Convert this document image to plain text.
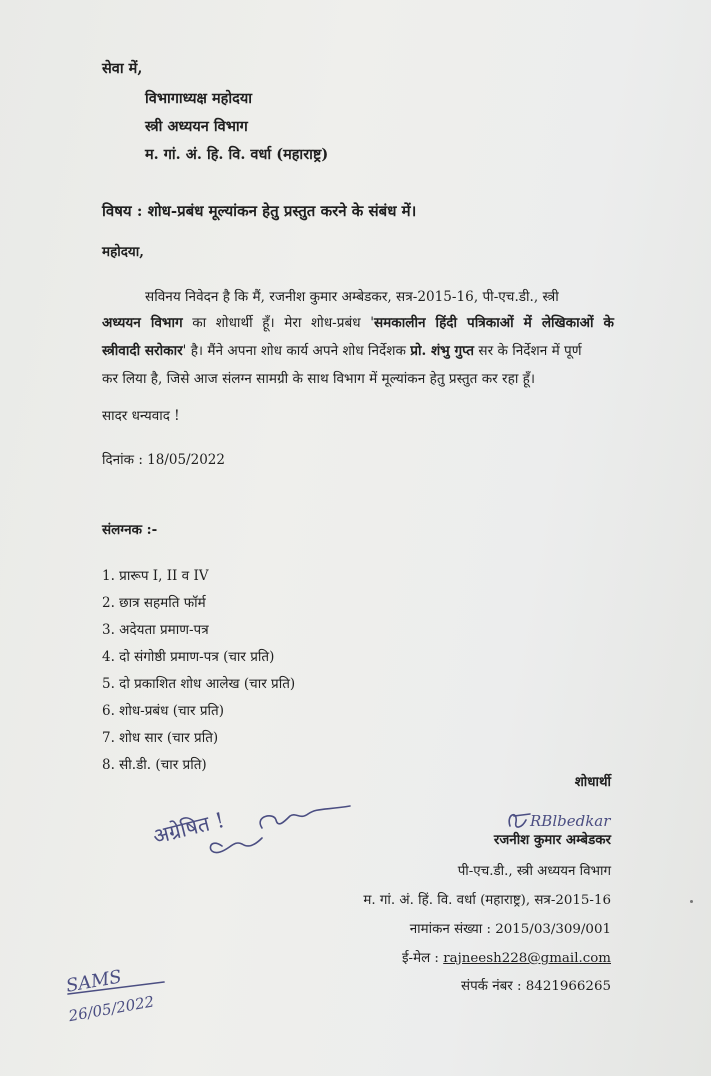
सेवा में,
विभागाध्यक्ष महोदया
स्त्री अध्ययन विभाग
म. गां. अं. हि. वि. वर्धा (महाराष्ट्र)
विषय : शोध-प्रबंध मूल्यांकन हेतु प्रस्तुत करने के संबंध में।
महोदया,
सविनय निवेदन है कि मैं, रजनीश कुमार अम्बेडकर, सत्र-2015-16, पी-एच.डी., स्त्री
अध्ययन विभाग का शोधार्थी हूँ। मेरा शोध-प्रबंध 'समकालीन हिंदी पत्रिकाओं में लेखिकाओं के
स्त्रीवादी सरोकार' है। मैंने अपना शोध कार्य अपने शोध निर्देशक प्रो. शंभु गुप्त सर के निर्देशन में पूर्ण
कर लिया है, जिसे आज संलग्न सामग्री के साथ विभाग में मूल्यांकन हेतु प्रस्तुत कर रहा हूँ।
सादर धन्यवाद !
दिनांक : 18/05/2022
संलग्नक :-
1. प्रारूप I, II व IV
2. छात्र सहमति फॉर्म
3. अदेयता प्रमाण-पत्र
4. दो संगोष्ठी प्रमाण-पत्र (चार प्रति)
5. दो प्रकाशित शोध आलेख (चार प्रति)
6. शोध-प्रबंध (चार प्रति)
7. शोध सार (चार प्रति)
8. सी.डी. (चार प्रति)
शोधार्थी
RBlbedkar
रजनीश कुमार अम्बेडकर
पी-एच.डी., स्त्री अध्ययन विभाग
म. गां. अं. हिं. वि. वर्धा (महाराष्ट्र), सत्र-2015-16
नामांकन संख्या : 2015/03/309/001
ई-मेल : rajneesh228@gmail.com
संपर्क नंबर : 8421966265
अग्रेषित !
SAMS
26/05/2022
